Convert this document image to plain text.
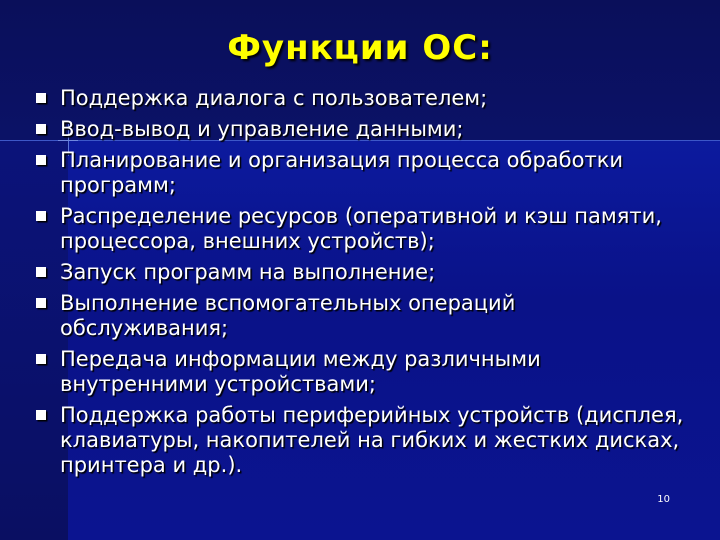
Функции ОС:
Поддержка диалога с пользователем;
Ввод-вывод и управление данными;
Планирование и организация процесса обработки программ;
Распределение ресурсов (оперативной и кэш памяти, процессора, внешних устройств);
Запуск программ на выполнение;
Выполнение вспомогательных операций обслуживания;
Передача информации между различными внутренними устройствами;
Поддержка работы периферийных устройств (дисплея, клавиатуры, накопителей на гибких и жестких дисках, принтера и др.).
10
